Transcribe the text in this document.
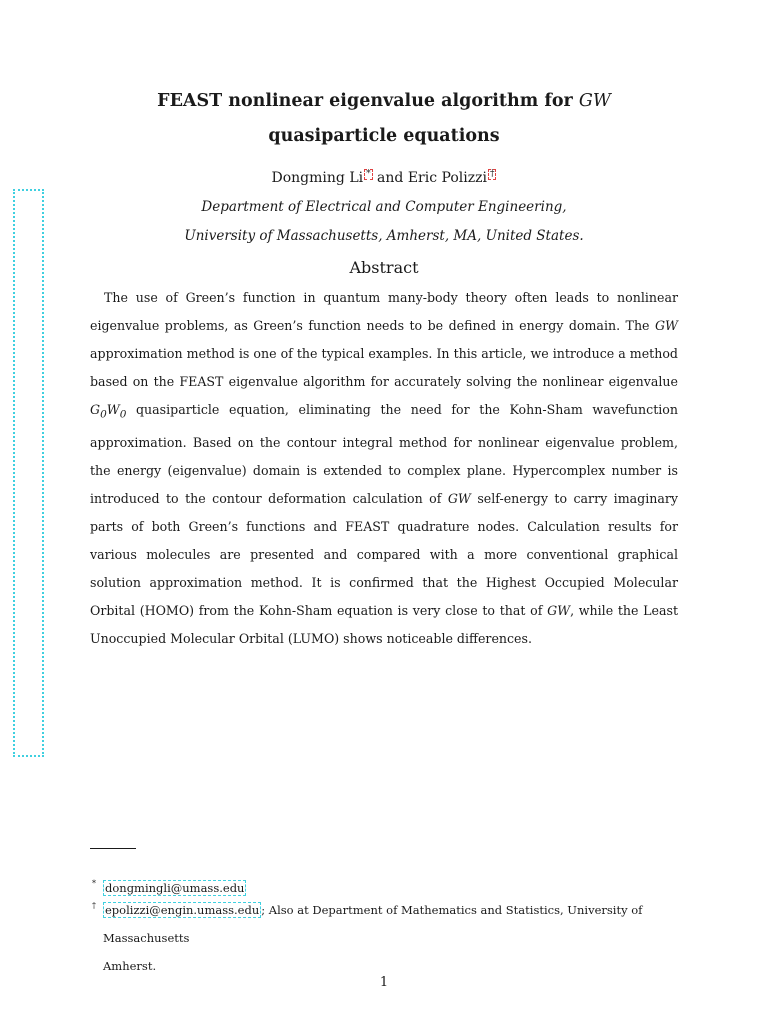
FEAST nonlinear eigenvalue algorithm for GW quasiparticle equations
Dongming Li * and Eric Polizzi †
Department of Electrical and Computer Engineering,
University of Massachusetts, Amherst, MA, United States.
Abstract

The use of Green’s function in quantum many-body theory often leads to nonlinear eigenvalue problems, as Green’s function needs to be defined in energy domain. The GW approximation method is one of the typical examples. In this article, we introduce a method based on the FEAST eigenvalue algorithm for accurately solving the nonlinear eigenvalue $G_0W_0$ quasiparticle equation, eliminating the need for the Kohn-Sham wavefunction approximation. Based on the contour integral method for nonlinear eigenvalue problem, the energy (eigenvalue) domain is extended to complex plane. Hypercomplex number is introduced to the contour deformation calculation of GW self-energy to carry imaginary parts of both Green’s functions and FEAST quadrature nodes. Calculation results for various molecules are presented and compared with a more conventional graphical solution approximation method. It is confirmed that the Highest Occupied Molecular Orbital (HOMO) from the Kohn-Sham equation is very close to that of GW, while the Least Unoccupied Molecular Orbital (LUMO) shows noticeable differences.

* dongmingli@umass.edu
† epolizzi@engin.umass.edu ; Also at Department of Mathematics and Statistics, University of Massachusetts
Amherst.
1
